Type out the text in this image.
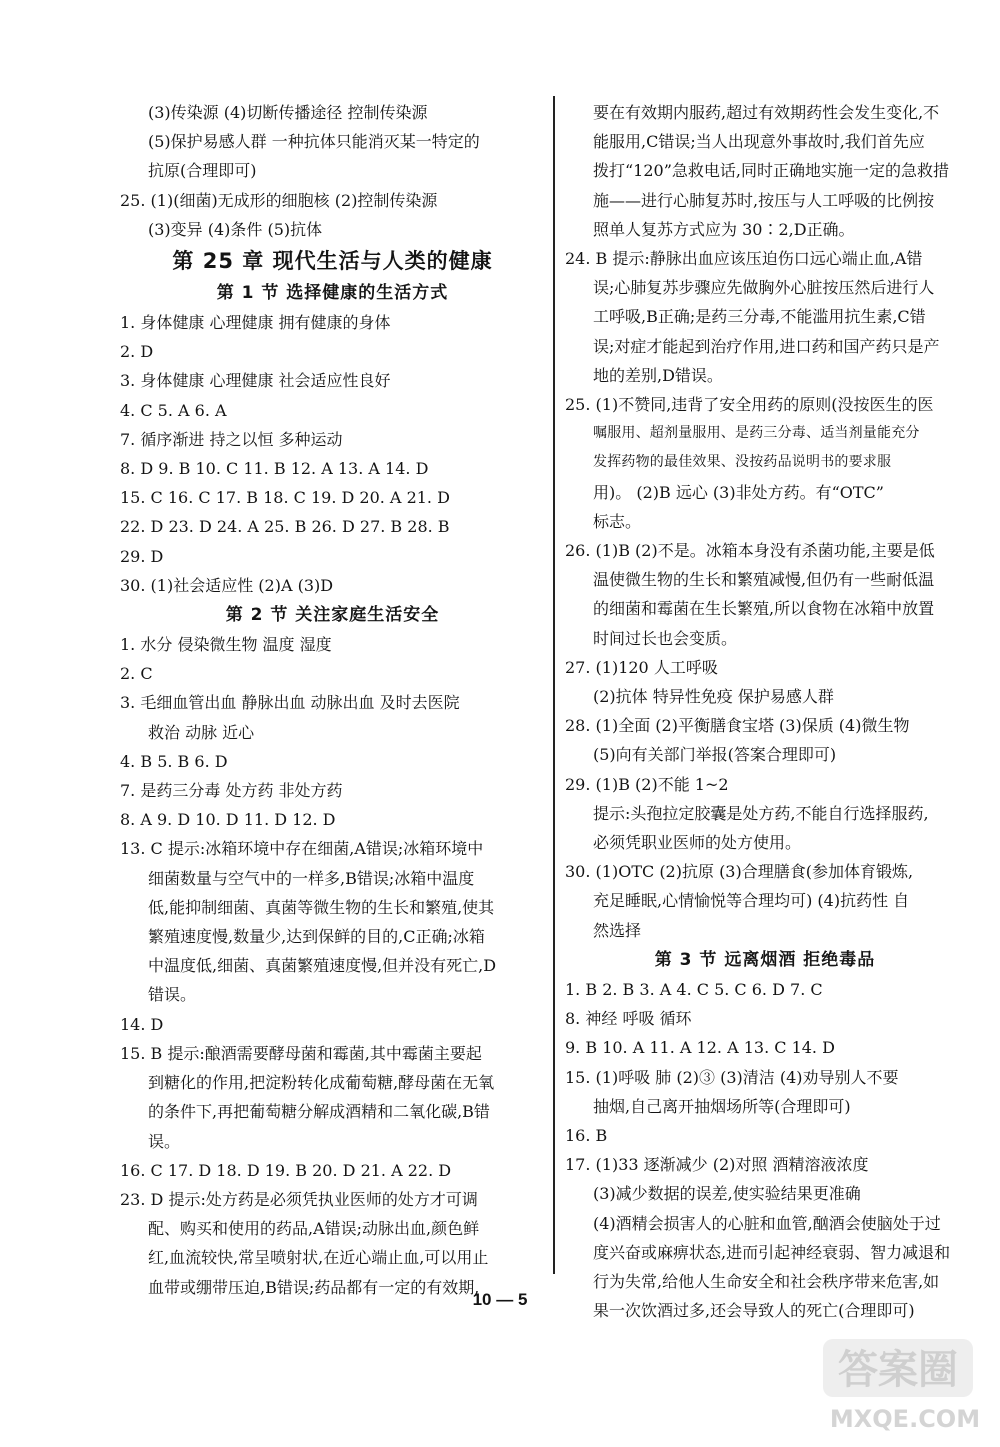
(3)传染源 (4)切断传播途径 控制传染源
(5)保护易感人群 一种抗体只能消灭某一特定的
抗原(合理即可)
25. (1)(细菌)无成形的细胞核 (2)控制传染源
(3)变异 (4)条件 (5)抗体
第 25 章 现代生活与人类的健康
第 1 节 选择健康的生活方式
1. 身体健康 心理健康 拥有健康的身体
2. D
3. 身体健康 心理健康 社会适应性良好
4. C 5. A 6. A
7. 循序渐进 持之以恒 多种运动
8. D 9. B 10. C 11. B 12. A 13. A 14. D
15. C 16. C 17. B 18. C 19. D 20. A 21. D
22. D 23. D 24. A 25. B 26. D 27. B 28. B
29. D
30. (1)社会适应性 (2)A (3)D
第 2 节 关注家庭生活安全
1. 水分 侵染微生物 温度 湿度
2. C
3. 毛细血管出血 静脉出血 动脉出血 及时去医院
救治 动脉 近心
4. B 5. B 6. D
7. 是药三分毒 处方药 非处方药
8. A 9. D 10. D 11. D 12. D
13. C 提示:冰箱环境中存在细菌,A错误;冰箱环境中
细菌数量与空气中的一样多,B错误;冰箱中温度
低,能抑制细菌、真菌等微生物的生长和繁殖,使其
繁殖速度慢,数量少,达到保鲜的目的,C正确;冰箱
中温度低,细菌、真菌繁殖速度慢,但并没有死亡,D
错误。
14. D
15. B 提示:酿酒需要酵母菌和霉菌,其中霉菌主要起
到糖化的作用,把淀粉转化成葡萄糖,酵母菌在无氧
的条件下,再把葡萄糖分解成酒精和二氧化碳,B错
误。
16. C 17. D 18. D 19. B 20. D 21. A 22. D
23. D 提示:处方药是必须凭执业医师的处方才可调
配、购买和使用的药品,A错误;动脉出血,颜色鲜
红,血流较快,常呈喷射状,在近心端止血,可以用止
血带或绷带压迫,B错误;药品都有一定的有效期,
要在有效期内服药,超过有效期药性会发生变化,不
能服用,C错误;当人出现意外事故时,我们首先应
拨打“120”急救电话,同时正确地实施一定的急救措
施——进行心肺复苏时,按压与人工呼吸的比例按
照单人复苏方式应为 30∶2,D正确。
24. B 提示:静脉出血应该压迫伤口远心端止血,A错
误;心肺复苏步骤应先做胸外心脏按压然后进行人
工呼吸,B正确;是药三分毒,不能滥用抗生素,C错
误;对症才能起到治疗作用,进口药和国产药只是产
地的差别,D错误。
25. (1)不赞同,违背了安全用药的原则(没按医生的医
嘱服用、超剂量服用、是药三分毒、适当剂量能充分
发挥药物的最佳效果、没按药品说明书的要求服
用)。 (2)B 远心 (3)非处方药。有“OTC”
标志。
26. (1)B (2)不是。冰箱本身没有杀菌功能,主要是低
温使微生物的生长和繁殖减慢,但仍有一些耐低温
的细菌和霉菌在生长繁殖,所以食物在冰箱中放置
时间过长也会变质。
27. (1)120 人工呼吸
(2)抗体 特异性免疫 保护易感人群
28. (1)全面 (2)平衡膳食宝塔 (3)保质 (4)微生物
(5)向有关部门举报(答案合理即可)
29. (1)B (2)不能 1~2
提示:头孢拉定胶囊是处方药,不能自行选择服药,
必须凭职业医师的处方使用。
30. (1)OTC (2)抗原 (3)合理膳食(参加体育锻炼,
充足睡眠,心情愉悦等合理均可) (4)抗药性 自
然选择
第 3 节 远离烟酒 拒绝毒品
1. B 2. B 3. A 4. C 5. C 6. D 7. C
8. 神经 呼吸 循环
9. B 10. A 11. A 12. A 13. C 14. D
15. (1)呼吸 肺 (2)③ (3)清洁 (4)劝导别人不要
抽烟,自己离开抽烟场所等(合理即可)
16. B
17. (1)33 逐渐减少 (2)对照 酒精溶液浓度
(3)减少数据的误差,使实验结果更准确
(4)酒精会损害人的心脏和血管,酗酒会使脑处于过
度兴奋或麻痹状态,进而引起神经衰弱、智力减退和
行为失常,给他人生命安全和社会秩序带来危害,如
果一次饮酒过多,还会导致人的死亡(合理即可)
10 — 5
答案圈
MXQE.COM
